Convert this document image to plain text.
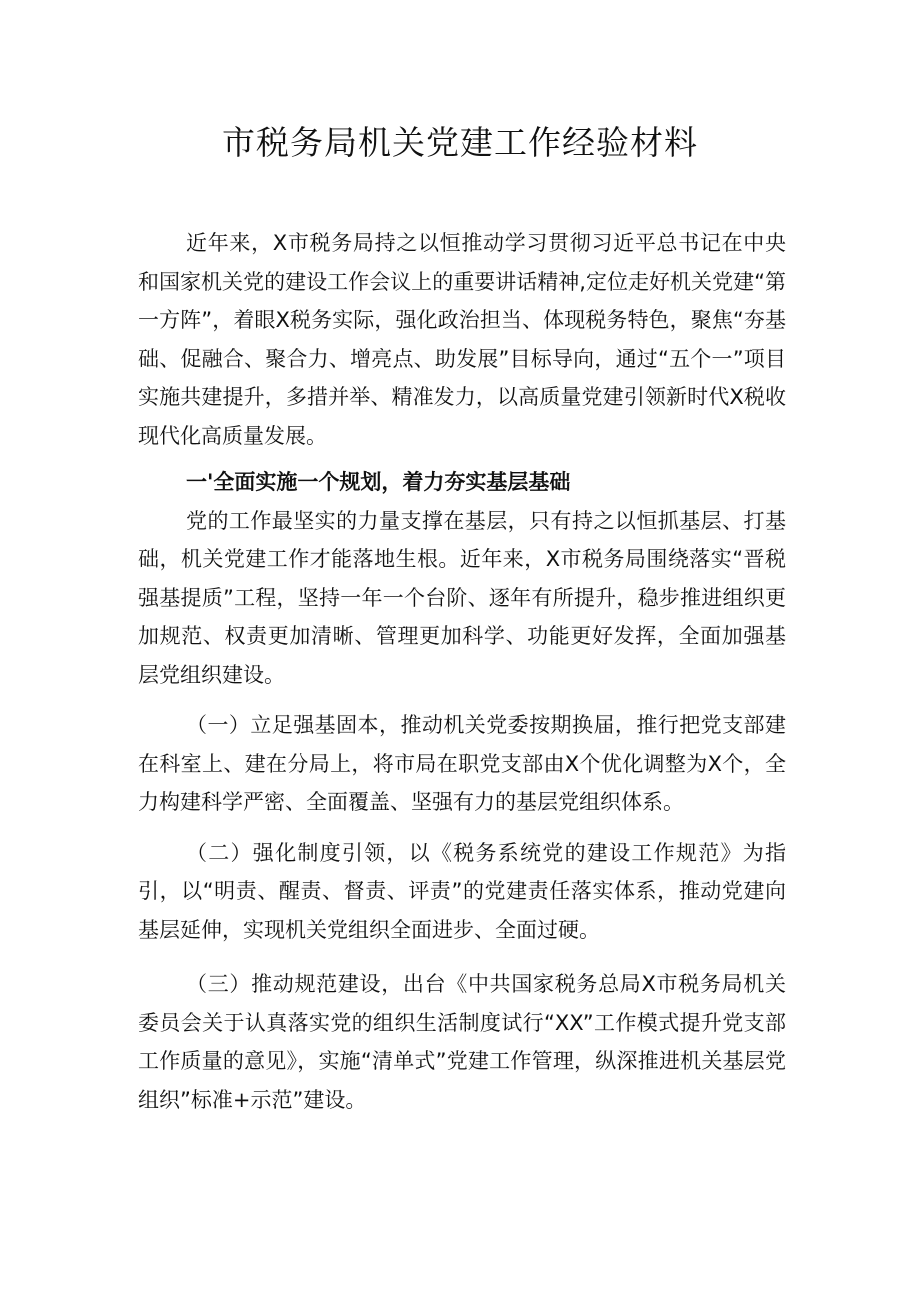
市税务局机关党建工作经验材料

近年来，X市税务局持之以恒推动学习贯彻习近平总书记在中央和国家机关党的建设工作会议上的重要讲话精神,定位走好机关党建“第一方阵”，着眼X税务实际，强化政治担当、体现税务特色，聚焦“夯基础、促融合、聚合力、增亮点、助发展”目标导向，通过“五个一”项目实施共建提升，多措并举、精准发力，以高质量党建引领新时代X税收现代化高质量发展。

一'全面实施一个规划，着力夯实基层基础

党的工作最坚实的力量支撑在基层，只有持之以恒抓基层、打基础，机关党建工作才能落地生根。近年来，X市税务局围绕落实“晋税强基提质”工程，坚持一年一个台阶、逐年有所提升，稳步推进组织更加规范、权责更加清晰、管理更加科学、功能更好发挥，全面加强基层党组织建设。

（一）立足强基固本，推动机关党委按期换届，推行把党支部建在科室上、建在分局上，将市局在职党支部由X个优化调整为X个，全力构建科学严密、全面覆盖、坚强有力的基层党组织体系。

（二）强化制度引领，以《税务系统党的建设工作规范》为指引，以“明责、醒责、督责、评责”的党建责任落实体系，推动党建向基层延伸，实现机关党组织全面进步、全面过硬。

（三）推动规范建设，出台《中共国家税务总局X市税务局机关委员会关于认真落实党的组织生活制度试行“XX”工作模式提升党支部工作质量的意见》，实施“清单式”党建工作管理，纵深推进机关基层党组织”标准+示范”建设。
